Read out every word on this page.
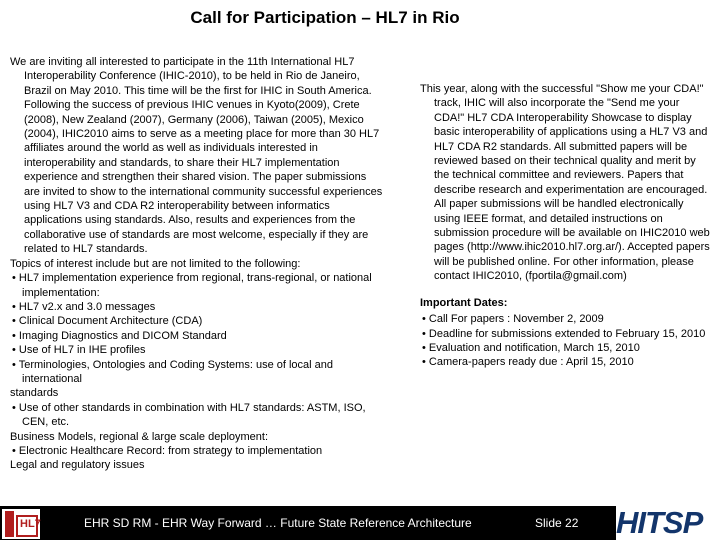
Call for Participation – HL7 in Rio

We are inviting all interested to participate in the 11th International HL7 Interoperability Conference (IHIC-2010), to be held in Rio de Janeiro, Brazil on May 2010. This time will be the first for IHIC in South America. Following the success of previous IHIC venues in Kyoto(2009), Crete (2008), New Zealand (2007), Germany (2006), Taiwan (2005), Mexico (2004), IHIC2010 aims to serve as a meeting place for more than 30 HL7 affiliates around the world as well as individuals interested in interoperability and standards, to share their HL7 implementation experience and strengthen their shared vision. The paper submissions are invited to show to the international community successful experiences using HL7 V3 and CDA R2 interoperability between informatics applications using standards. Also, results and experiences from the collaborative use of standards are most welcome, especially if they are related to HL7 standards.

Topics of interest include but are not limited to the following:

• HL7 implementation experience from regional, trans-regional, or national implementation:

• HL7 v2.x and 3.0 messages

• Clinical Document Architecture (CDA)

• Imaging Diagnostics and DICOM Standard

• Use of HL7 in IHE profiles

• Terminologies, Ontologies and Coding Systems: use of local and international

standards

• Use of other standards in combination with HL7 standards: ASTM, ISO, CEN, etc.

Business Models, regional & large scale deployment:

• Electronic Healthcare Record: from strategy to implementation

Legal and regulatory issues

This year, along with the successful "Show me your CDA!" track, IHIC will also incorporate the "Send me your CDA!" HL7 CDA Interoperability Showcase to display basic interoperability of applications using a HL7 V3 and HL7 CDA R2 standards. All submitted papers will be reviewed based on their technical quality and merit by the technical committee and reviewers. Papers that describe research and experimentation are encouraged. All paper submissions will be handled electronically using IEEE format, and detailed instructions on submission procedure will be available on IHIC2010 web pages (http://www.ihic2010.hl7.org.ar/). Accepted papers will be published online. For other information, please contact IHIC2010, (fportila@gmail.com)

Important Dates:

• Call For papers : November 2, 2009

• Deadline for submissions extended to February 15, 2010

• Evaluation and notification, March 15, 2010

• Camera-papers ready due : April 15, 2010

HL7	EHR SD RM - EHR Way Forward … Future State Reference Architecture	Slide 22 HITSP
